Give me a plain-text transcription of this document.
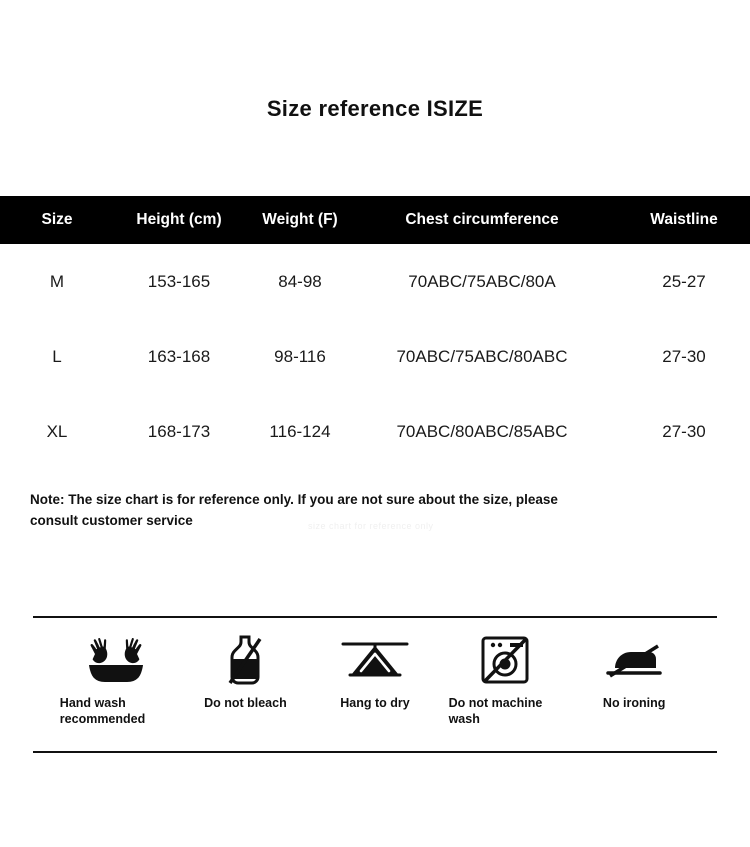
Size reference ISIZE
Size	Height (cm)	Weight (F)	Chest circumference	Waistline
M	153-165	84-98	70ABC/75ABC/80A	25-27
L	163-168	98-116	70ABC/75ABC/80ABC	27-30
XL	168-173	116-124	70ABC/80ABC/85ABC	27-30
Note: The size chart is for reference only. If you are not sure about the size, please consult customer service	size chart for reference only
Hand wash recommended
Do not bleach	Hang to dry	Do not machine wash
No ironing
